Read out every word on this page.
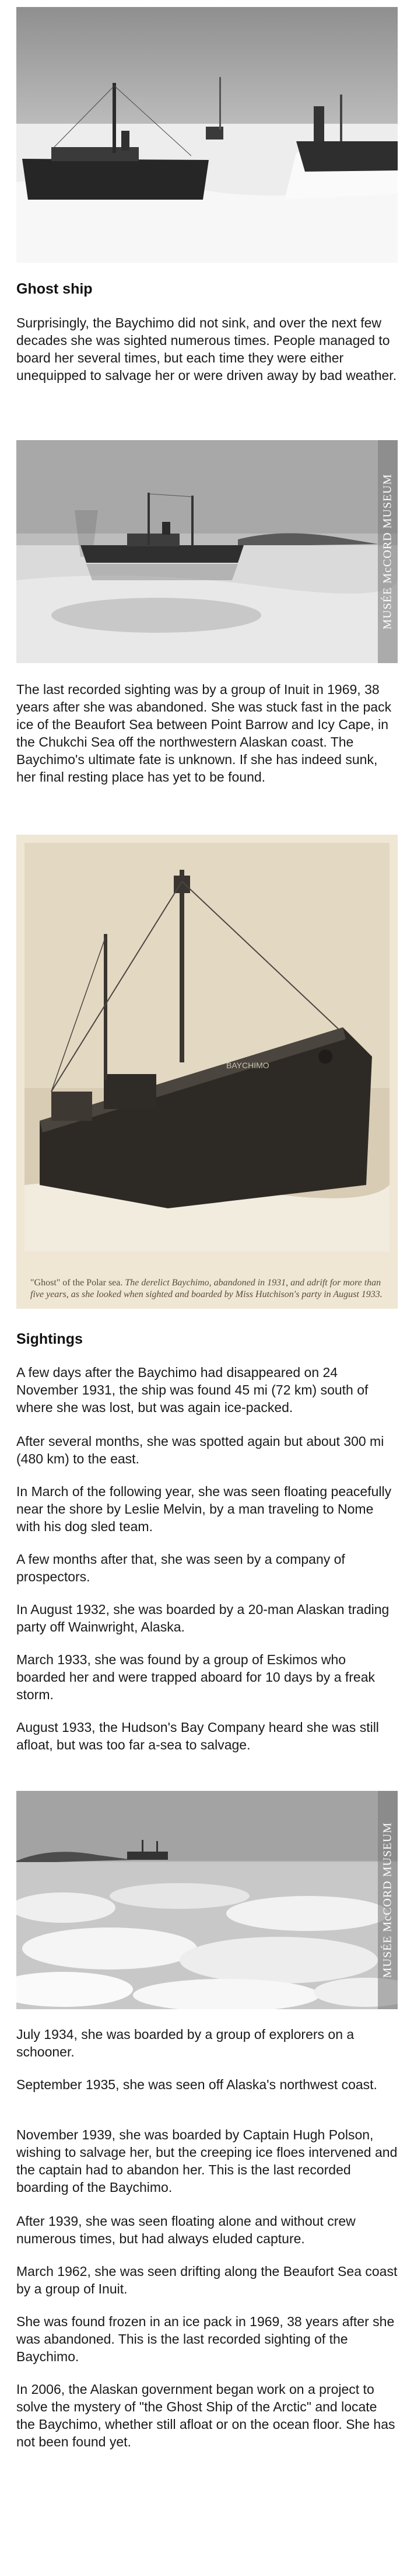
Ghost ship

Surprisingly, the Baychimo did not sink, and over the next few decades she was sighted numerous times. People managed to board her several times, but each time they were either unequipped to salvage her or were driven away by bad weather.

MUSÉE McCORD MUSEUM

The last recorded sighting was by a group of Inuit in 1969, 38 years after she was abandoned. She was stuck fast in the pack ice of the Beaufort Sea between Point Barrow and Icy Cape, in the Chukchi Sea off the northwestern Alaskan coast. The Baychimo's ultimate fate is unknown. If she has indeed sunk, her final resting place has yet to be found.

BAYCHIMO
"Ghost" of the Polar sea. The derelict Baychimo, abandoned in 1931, and adrift for more than five years, as she looked when sighted and boarded by Miss Hutchison's party in August 1933.
Sightings

A few days after the Baychimo had disappeared on 24 November 1931, the ship was found 45 mi (72 km) south of where she was lost, but was again ice-packed.

After several months, she was spotted again but about 300 mi (480 km) to the east.

In March of the following year, she was seen floating peacefully near the shore by Leslie Melvin, by a man traveling to Nome with his dog sled team.

A few months after that, she was seen by a company of prospectors.

In August 1932, she was boarded by a 20-man Alaskan trading party off Wainwright, Alaska.

March 1933, she was found by a group of Eskimos who boarded her and were trapped aboard for 10 days by a freak storm.

August 1933, the Hudson's Bay Company heard she was still afloat, but was too far a-sea to salvage.

MUSÉE McCORD MUSEUM

July 1934, she was boarded by a group of explorers on a schooner.

September 1935, she was seen off Alaska's northwest coast.

November 1939, she was boarded by Captain Hugh Polson, wishing to salvage her, but the creeping ice floes intervened and the captain had to abandon her. This is the last recorded boarding of the Baychimo.

After 1939, she was seen floating alone and without crew numerous times, but had always eluded capture.

March 1962, she was seen drifting along the Beaufort Sea coast by a group of Inuit.

She was found frozen in an ice pack in 1969, 38 years after she was abandoned. This is the last recorded sighting of the Baychimo.

In 2006, the Alaskan government began work on a project to solve the mystery of "the Ghost Ship of the Arctic" and locate the Baychimo, whether still afloat or on the ocean floor. She has not been found yet.
